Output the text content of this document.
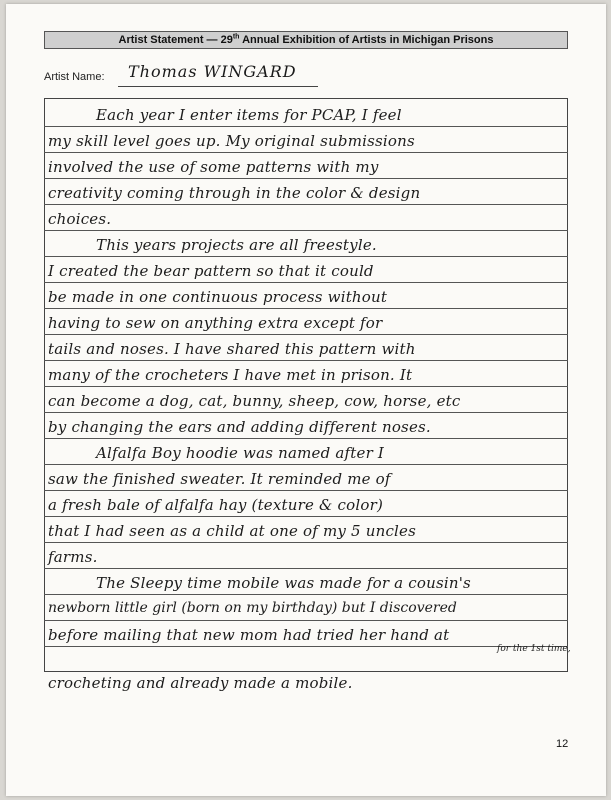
Artist Statement — 29th Annual Exhibition of Artists in Michigan Prisons
Artist Name: Thomas WINGARD
Each year I enter items for PCAP, I feel
my skill level goes up. My original submissions
involved the use of some patterns with my
creativity coming through in the color & design
choices.
This years projects are all freestyle.
I created the bear pattern so that it could
be made in one continuous process without
having to sew on anything extra except for
tails and noses. I have shared this pattern with
many of the crocheters I have met in prison. It
can become a dog, cat, bunny, sheep, cow, horse, etc
by changing the ears and adding different noses.
Alfalfa Boy hoodie was named after I
saw the finished sweater. It reminded me of
a fresh bale of alfalfa hay (texture & color)
that I had seen as a child at one of my 5 uncles
farms.
The Sleepy time mobile was made for a cousin's
newborn little girl (born on my birthday) but I discovered
before mailing that new mom had tried her hand at
crocheting and already made a mobile.
for the 1st time,
12
